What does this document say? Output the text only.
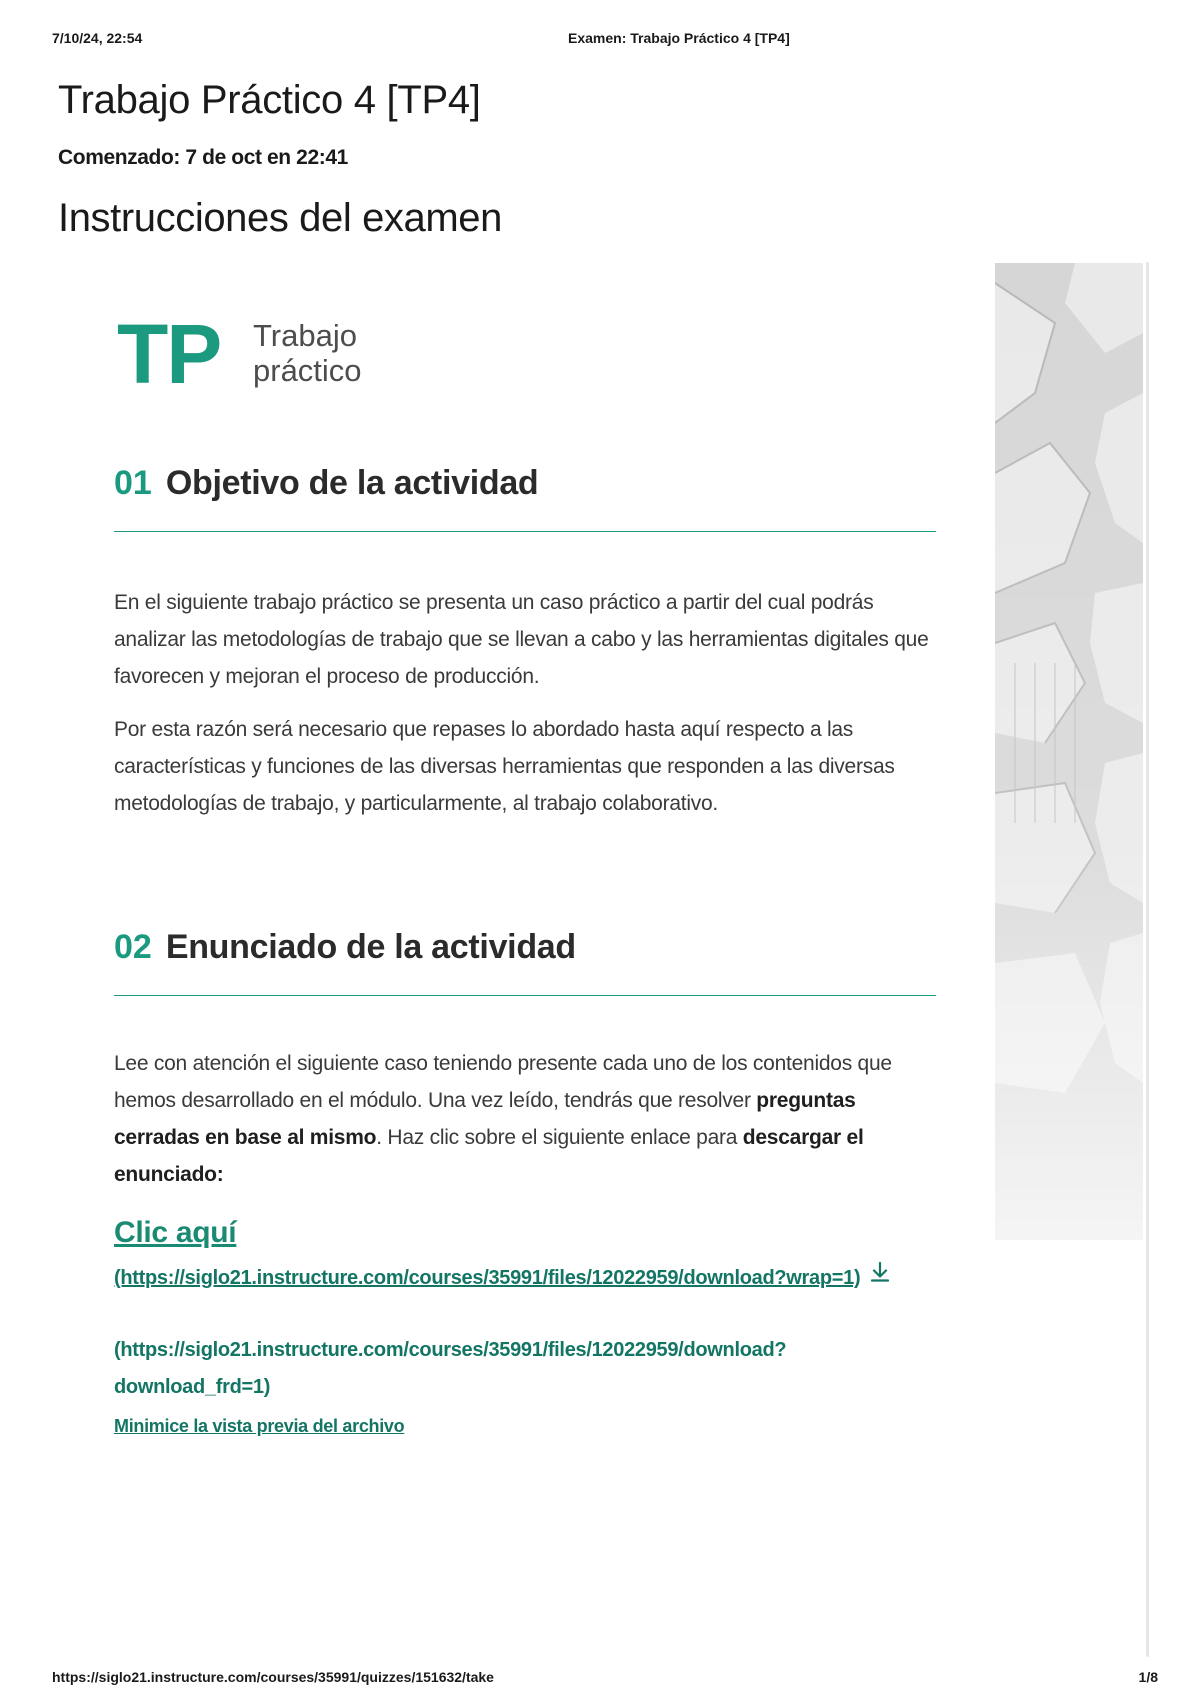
7/10/24, 22:54	Examen: Trabajo Práctico 4 [TP4]
Trabajo Práctico 4 [TP4]
Comenzado: 7 de oct en 22:41
Instrucciones del examen
TP Trabajo
práctico
01 Objetivo de la actividad

En el siguiente trabajo práctico se presenta un caso práctico a partir del cual podrás analizar las metodologías de trabajo que se llevan a cabo y las herramientas digitales que favorecen y mejoran el proceso de producción.

Por esta razón será necesario que repases lo abordado hasta aquí respecto a las características y funciones de las diversas herramientas que responden a las diversas metodologías de trabajo, y particularmente, al trabajo colaborativo.

02 Enunciado de la actividad

Lee con atención el siguiente caso teniendo presente cada uno de los contenidos que hemos desarrollado en el módulo. Una vez leído, tendrás que resolver preguntas cerradas en base al mismo. Haz clic sobre el siguiente enlace para descargar el enunciado:

Clic aquí
(https://siglo21.instructure.com/courses/35991/files/12022959/download?wrap=1)
(https://siglo21.instructure.com/courses/35991/files/12022959/download?download_frd=1)
Minimice la vista previa del archivo
https://siglo21.instructure.com/courses/35991/quizzes/151632/take	1/8
